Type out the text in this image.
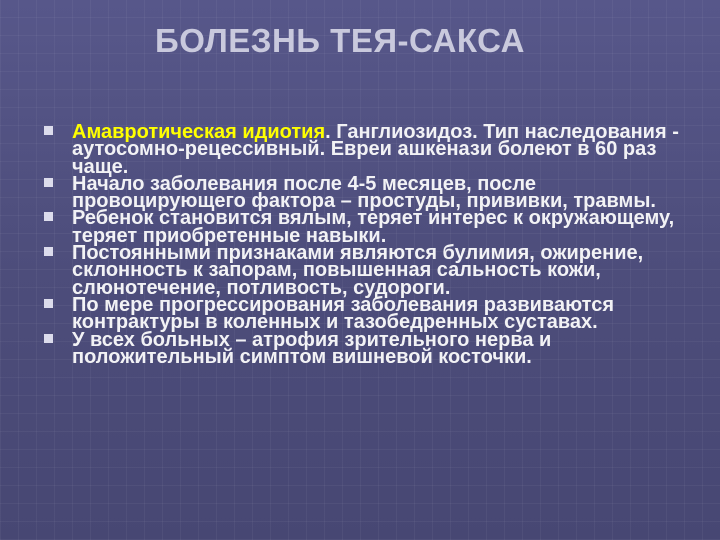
БОЛЕЗНЬ ТЕЯ-САКСА
Амавротическая идиотия. Ганглиозидоз. Тип наследования - аутосомно-рецессивный. Евреи ашкенази болеют в 60 раз чаще.
Начало заболевания после 4-5 месяцев, после провоцирующего фактора – простуды, прививки, травмы.
Ребенок становится вялым, теряет интерес к окружающему, теряет приобретенные навыки.
Постоянными признаками являются булимия, ожирение, склонность к запорам, повышенная сальность кожи, слюнотечение, потливость, судороги.
По мере прогрессирования заболевания развиваются контрактуры в коленных и тазобедренных суставах.
У всех больных – атрофия зрительного нерва и положительный симптом вишневой косточки.
